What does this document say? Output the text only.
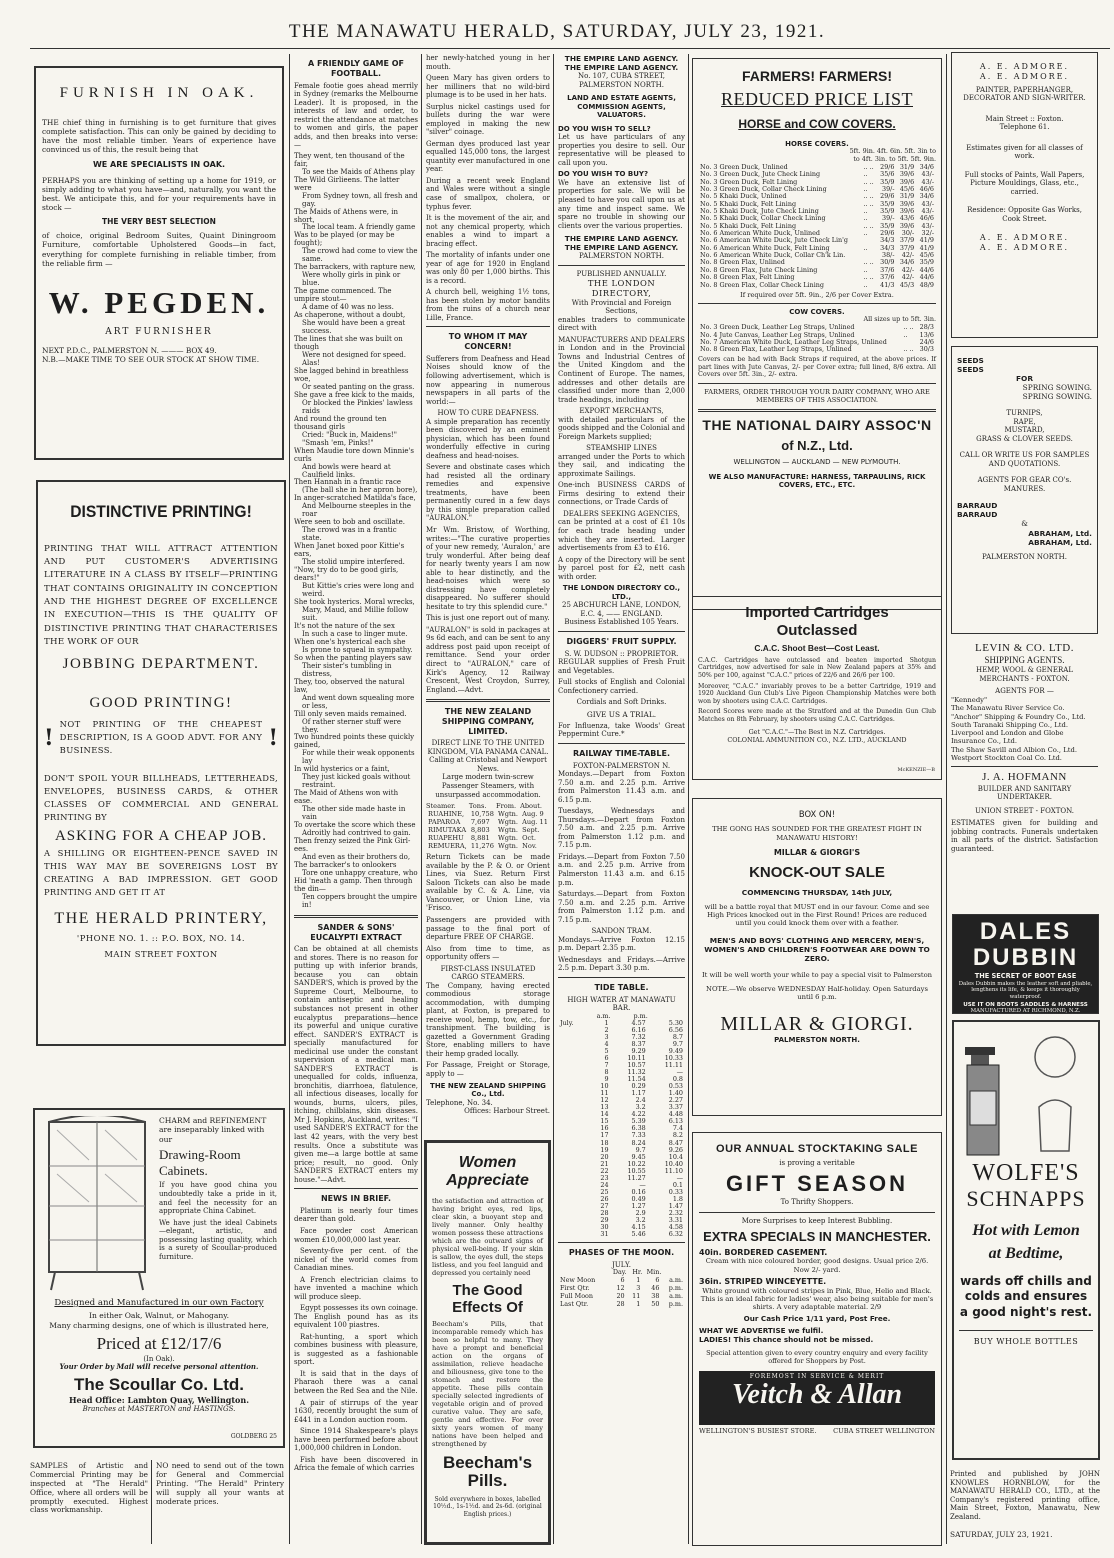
THE MANAWATU HERALD, SATURDAY, JULY 23, 1921.
FURNISH IN OAK.

THE chief thing in furnishing is to get furniture that gives complete satisfaction. This can only be gained by deciding to have the most reliable timber. Years of experience have convinced us of this, the result being that

WE ARE SPECIALISTS IN OAK.

PERHAPS you are thinking of setting up a home for 1919, or simply adding to what you have—and, naturally, you want the best. We anticipate this, and for your requirements have in stock —

THE VERY BEST SELECTION

of choice, original Bedroom Suites, Quaint Diningroom Furniture, comfortable Upholstered Goods—in fact, everything for complete furnishing in reliable timber, from the reliable firm —

W. PEGDEN.
ART FURNISHER
NEXT P.D.C., PALMERSTON N. ——— BOX 49.
N.B.—MAKE TIME TO SEE OUR STOCK AT SHOW TIME.
DISTINCTIVE PRINTING!

PRINTING THAT WILL ATTRACT ATTENTION AND PUT CUSTOMER'S ADVERTISING LITERATURE IN A CLASS BY ITSELF—PRINTING THAT CONTAINS ORIGINALITY IN CONCEPTION AND THE HIGHEST DEGREE OF EXCELLENCE IN EXECUTION—THIS IS THE QUALITY OF DISTINCTIVE PRINTING THAT CHARACTERISES THE WORK OF OUR

JOBBING DEPARTMENT.
GOOD PRINTING!
!

NOT PRINTING OF THE CHEAPEST DESCRIPTION, IS A GOOD ADVT. FOR ANY BUSINESS.	!

DON'T SPOIL YOUR BILLHEADS, LETTERHEADS, ENVELOPES, BUSINESS CARDS, & OTHER CLASSES OF COMMERCIAL AND GENERAL PRINTING BY

ASKING FOR A CHEAP JOB.

A SHILLING OR EIGHTEEN-PENCE SAVED IN THIS WAY MAY BE SOVEREIGNS LOST BY CREATING A BAD IMPRESSION. GET GOOD PRINTING AND GET IT AT

THE HERALD PRINTERY,
'PHONE NO. 1. :: P.O. BOX, NO. 14.
MAIN STREET FOXTON
CHARM and REFINEMENT are inseparably linked with our
Drawing-Room Cabinets.

If you have good china you undoubtedly take a pride in it, and feel the necessity for an appropriate China Cabinet.

We have just the ideal Cabinets—elegant, artistic, and possessing lasting quality, which is a surety of Scoullar-produced furniture.

Designed and Manufactured in our own Factory
In either Oak, Walnut, or Mahogany.
Many charming designs, one of which is illustrated here,
Priced at £12/17/6
(In Oak).
Your Order by Mail will receive personal attention.
The Scoullar Co. Ltd.
Head Office: Lambton Quay, Wellington.
Branches at MASTERTON and HASTINGS.
GOLDBERG 25
SAMPLES of Artistic and Commercial Printing may be inspected at "The Herald" Office, where all orders will be promptly executed. Highest class workmanship.
NO need to send out of the town for General and Commercial Printing. "The Herald" Printery will supply all your wants at moderate prices.
A FRIENDLY GAME OF FOOTBALL.

Female footie goes ahead merrily in Sydney (remarks the Melbourne Leader). It is proposed, in the interests of law and order, to restrict the attendance at matches to women and girls, the paper adds, and then breaks into verse:—

They went, ten thousand of the fair,
To see the Maids of Athens play
The Wild Girlieens. The latter were
From Sydney town, all fresh and gay.
The Maids of Athens were, in short,
The local team. A friendly game
Was to be played (or may be fought);
The crowd had come to view the same.
The barrackers, with rapture new,
Were wholly girls in pink or blue.
The game commenced. The umpire stout—
A dame of 40 was no less.
As chaperone, without a doubt,
She would have been a great success.
The lines that she was built on though
Were not designed for speed. Alas!
She lagged behind in breathless woe,
Or seated panting on the grass.
She gave a free kick to the maids,
Or blocked the Pinkies' lawless raids
And round the ground ten thousand girls
Cried: "Buck in, Maidens!" "Smash 'em, Pinks!"
When Maudie tore down Minnie's curls
And bowls were heard at Caulfield links.
Then Hannah in a frantic race
(The ball she in her apron bore),
In anger-scratched Matilda's face,
And Melbourne steeples in the roar
Were seen to bob and oscillate.
The crowd was in a frantic state.
When Janet boxed poor Kittie's ears,
The stolid umpire interfered.
"Now, try do to be good girls, dears!"
But Kittie's cries were long and weird.
She took hysterics. Moral wrecks,
Mary, Maud, and Millie follow suit.
It's not the nature of the sex
In such a case to linger mute.
When one's hysterical each she
Is prone to squeal in sympathy.
So when the panting players saw
Their sister's tumbling in distress,
They, too, observed the natural law,
And went down squealing more or less,
Till only seven maids remained.
Of rather sterner stuff were they.
Two hundred points these quickly gained,
For while their weak opponents lay
In wild hysterics or a faint,
They just kicked goals without restraint.
The Maid of Athens won with ease.
The other side made haste in vain
To overtake the score which these
Adroitly had contrived to gain.
Then frenzy seized the Pink Girl-ees.
And even as their brothers do,
The barracker's to onlookers
Tore one unhappy creature, who
Hid 'neath a gamp. Then through the din—
Ten coppers brought the umpire in!
SANDER & SONS' EUCALYPTI EXTRACT

Can be obtained at all chemists and stores. There is no reason for putting up with inferior brands, because you can obtain SANDER'S, which is proved by the Supreme Court, Melbourne, to contain antiseptic and healing substances not present in other eucalyptus preparations—hence its powerful and unique curative effect. SANDER'S EXTRACT is specially manufactured for medicinal use under the constant supervision of a medical man. SANDER'S EXTRACT is unequalled for colds, influenza, bronchitis, diarrhoea, flatulence, all infectious diseases, locally for wounds, burns, ulcers, piles, itching, chilblains, skin diseases. Mr J. Hopkins, Auckland, writes: "I used SANDER'S EXTRACT for the last 42 years, with the very best results. Once a substitute was given me—a large bottle at same price; result, no good. Only SANDER'S EXTRACT enters my house."—Advt.

NEWS IN BRIEF.

Platinum is nearly four times dearer than gold.

Face powder cost American women £10,000,000 last year.

Seventy-five per cent. of the nickel of the world comes from Canadian mines.

A French electrician claims to have invented a machine which will produce sleep.

Egypt possesses its own coinage. The English pound has as its equivalent 100 piastres.

Rat-hunting, a sport which combines business with pleasure, is suggested as a fashionable sport.

It is said that in the days of Pharaoh there was a canal between the Red Sea and the Nile.

A pair of stirrups of the year 1630, recently brought the sum of £441 in a London auction room.

Since 1914 Shakespeare's plays have been performed before about 1,000,000 children in London.

Fish have been discovered in Africa the female of which carries

her newly-hatched young in her mouth.

Queen Mary has given orders to her milliners that no wild-bird plumage is to be used in her hats.

Surplus nickel castings used for bullets during the war were employed in making the new "silver" coinage.

German dyes produced last year equalled 145,000 tons, the largest quantity ever manufactured in one year.

During a recent week England and Wales were without a single case of smallpox, cholera, or typhus fever.

It is the movement of the air, and not any chemical property, which enables a wind to impart a bracing effect.

The mortality of infants under one year of age for 1920 in England was only 80 per 1,000 births. This is a record.

A church bell, weighing 1½ tons, has been stolen by motor bandits from the ruins of a church near Lille, France.

TO WHOM IT MAY CONCERN!

Sufferers from Deafness and Head Noises should know of the following advertisement, which is now appearing in numerous newspapers in all parts of the world:—

HOW TO CURE DEAFNESS.

A simple preparation has recently been discovered by an eminent physician, which has been found wonderfully effective in curing deafness and head-noises.

Severe and obstinate cases which had resisted all the ordinary remedies and expensive treatments, have been permanently cured in a few days by this simple preparation called "AURALON."

Mr Wm. Bristow, of Worthing, writes:—"The curative properties of your new remedy, 'Auralon,' are truly wonderful. After being deaf for nearly twenty years I am now able to hear distinctly, and the head-noises which were so distressing have completely disappeared. No sufferer should hesitate to try this splendid cure."

This is just one report out of many.

"AURALON" is sold in packages at 9s 6d each, and can be sent to any address post paid upon receipt of remittance. Send your order direct to "AURALON," care of Kirk's Agency, 12 Railway Crescent, West Croydon, Surrey, England.—Advt.

THE NEW ZEALAND SHIPPING COMPANY, LIMITED.
DIRECT LINE TO THE UNITED KINGDOM, VIA PANAMA CANAL.
Calling at Cristobal and Newport News.
Large modern twin-screw Passenger Steamers, with unsurpassed accommodation.
Steamer.	Tons.	From.	About.
RUAHINE,	10,758	Wgtn.	Aug. 9
PAPAROA	7,697	Wgtn.	Aug. 11
RIMUTAKA	8,803	Wgtn.	Sept.
RUAPEHU	8,881	Wgtn.	Oct.
REMUERA,	11,276	Wgtn.	Nov.

Return Tickets can be made available by the P. & O. or Orient Lines, via Suez. Return First Saloon Tickets can also be made available by C. & A. Line, via Vancouver, or Union Line, via 'Frisco.

Passengers are provided with passage to the final port of departure FREE OF CHARGE.

Also from time to time, as opportunity offers —

FIRST-CLASS INSULATED CARGO STEAMERS.

The Company, having erected commodious storage accommodation, with dumping plant, at Foxton, is prepared to receive wool, hemp, tow, etc., for transhipment. The building is gazetted a Government Grading Store, enabling millers to have their hemp graded locally.

For Passage, Freight or Storage, apply to —

THE NEW ZEALAND SHIPPING Co., Ltd.
Telephone, No. 34.
Offices: Harbour Street.
Women Appreciate

the satisfaction and attraction of having bright eyes, red lips, clear skin, a buoyant step and lively manner. Only healthy women possess these attractions which are the outward signs of physical well-being. If your skin is sallow, the eyes dull, the steps listless, and you feel languid and depressed you certainly need

The Good Effects Of

Beecham's Pills, that incomparable remedy which has been so helpful to many. They have a prompt and beneficial action on the organs of assimilation, relieve headache and biliousness, give tone to the stomach and restore the appetite. These pills contain specially selected ingredients of vegetable origin and of proved curative value. They are safe, gentle and effective. For over sixty years women of many nations have been helped and strengthened by

Beecham's Pills.
Sold everywhere in boxes, labelled 10½d., 1s-1½d. and 2s-6d. (original English prices.)
THE EMPIRE LAND AGENCY.
THE EMPIRE LAND AGENCY.
No. 107, CUBA STREET, PALMERSTON NORTH.
LAND AND ESTATE AGENTS, COMMISSION AGENTS, VALUATORS.
DO YOU WISH TO SELL?

Let us have particulars of any properties you desire to sell. Our representative will be pleased to call upon you.

DO YOU WISH TO BUY?

We have an extensive list of properties for sale. We will be pleased to have you call upon us at any time and inspect same. We spare no trouble in showing our clients over the various properties.

THE EMPIRE LAND AGENCY.
THE EMPIRE LAND AGENCY.
PALMERSTON NORTH.
PUBLISHED ANNUALLY.
THE LONDON DIRECTORY,
With Provincial and Foreign Sections,

enables traders to communicate direct with

MANUFACTURERS AND DEALERS

in London and in the Provincial Towns and Industrial Centres of the United Kingdom and the Continent of Europe. The names, addresses and other details are classified under more than 2,000 trade headings, including

EXPORT MERCHANTS,

with detailed particulars of the goods shipped and the Colonial and Foreign Markets supplied;

STEAMSHIP LINES

arranged under the Ports to which they sail, and indicating the approximate Sailings.

One-inch BUSINESS CARDS of Firms desiring to extend their connections, or Trade Cards of

DEALERS SEEKING AGENCIES,

can be printed at a cost of £1 10s for each trade heading under which they are inserted. Larger advertisements from £3 to £16.

A copy of the Directory will be sent by parcel post for £2, nett cash with order.

THE LONDON DIRECTORY CO., LTD.,
25 ABCHURCH LANE, LONDON, E.C. 4, —— ENGLAND.
Business Established 105 Years.
DIGGERS' FRUIT SUPPLY.
S. W. DUDSON :: PROPRIETOR.

REGULAR supplies of Fresh Fruit and Vegetables.

Full stocks of English and Colonial Confectionery carried.

Cordials and Soft Drinks.
GIVE US A TRIAL.

For Influenza, take Woods' Great Peppermint Cure.*

RAILWAY TIME-TABLE.
FOXTON-PALMERSTON N.

Mondays.—Depart from Foxton 7.50 a.m. and 2.25 p.m. Arrive from Palmerston 11.43 a.m. and 6.15 p.m.

Tuesdays, Wednesdays and Thursdays.—Depart from Foxton 7.50 a.m. and 2.25 p.m. Arrive from Palmerston 1.12 p.m. and 7.15 p.m.

Fridays.—Depart from Foxton 7.50 a.m. and 2.25 p.m. Arrive from Palmerston 11.43 a.m. and 6.15 p.m.

Saturdays.—Depart from Foxton 7.50 a.m. and 2.25 p.m. Arrive from Palmerston 1.12 p.m. and 7.15 p.m.

SANDON TRAM.

Mondays.—Arrive Foxton 12.15 p.m. Depart 2.35 p.m.

Wednesdays and Fridays.—Arrive 2.5 p.m. Depart 3.30 p.m.

TIDE TABLE.
HIGH WATER AT MANAWATU BAR.
	a.m.	p.m.	
July.	1	4.57	5.30
	2	6.16	6.56
	3	7.32	8.7
	4	8.37	9.7
	5	9.29	9.49
	6	10.11	10.33
	7	10.57	11.11
	8	11.32	—
	9	11.54	0.8
	10	0.29	0.53
	11	1.17	1.40
	12	2.4	2.27
	13	3.2	3.37
	14	4.22	4.48
	15	5.39	6.13
	16	6.38	7.4
	17	7.33	8.2
	18	8.24	8.47
	19	9.7	9.26
	20	9.45	10.4
	21	10.22	10.40
	22	10.55	11.10
	23	11.27	—
	24	—	0.1
	25	0.16	0.33
	26	0.49	1.8
	27	1.27	1.47
	28	2.9	2.32
	29	3.2	3.31
	30	4.15	4.58
	31	5.46	6.32
PHASES OF THE MOON.
JULY.
	Day.	Hr.	Min.	
New Moon	6	1	6	a.m.
First Qtr.	12	3	46	p.m.
Full Moon	20	11	38	a.m.
Last Qtr.	28	1	50	p.m.
FARMERS! FARMERS!
REDUCED PRICE LIST
HORSE and COW COVERS.
HORSE COVERS.
5ft. 9in. 4ft. 6in. 5ft. 3in to
to 4ft. 3in. to 5ft. 5ft. 9in.
No. 3 Green Duck, Unlined	.. ..	29/6	31/9	34/6
No. 3 Green Duck, Jute Check Lining	..	35/6	39/6	43/-
No. 3 Green Duck, Felt Lining	.. ..	35/9	39/6	43/-
No. 3 Green Duck, Collar Check Lining	..	39/-	45/6	46/6
No. 5 Khaki Duck, Unlined	.. ..	29/6	31/9	34/6
No. 5 Khaki Duck, Felt Lining	.. ..	35/9	39/6	43/-
No. 5 Khaki Duck, Jute Check Lining	..	35/9	39/6	43/-
No. 5 Khaki Duck, Collar Check Lining	..	39/-	43/6	46/6
No. 5 Khaki Duck, Felt Lining	.. ..	35/9	39/6	43/-
No. 6 American White Duck, Unlined	..	29/6	30/-	32/-
No. 6 American White Duck, Jute Check Lin'g		34/3	37/9	41/9
No. 6 American White Duck, Felt Lining	..	34/3	37/9	41/9
No. 6 American White Duck, Collar Ch'k Lin.		38/-	42/-	45/6
No. 8 Green Flax, Unlined	.. ..	30/9	34/6	35/9
No. 8 Green Flax, Jute Check Lining	..	37/6	42/-	44/6
No. 8 Green Flax, Felt Lining	.. ..	37/6	42/-	44/6
No. 8 Green Flax, Collar Check Lining	..	41/3	45/3	48/9
If required over 5ft. 9in., 2/6 per Cover Extra.
COW COVERS.
All sizes up to 5ft. 3in.
No. 3 Green Duck, Leather Leg Straps, Unlined	.. ..	28/3
No. 4 Jute Canvas, Leather Leg Straps, Unlined	..	13/6
No. 7 American White Duck, Leather Leg Straps, Unlined		24/6
No. 8 Green Flax, Leather Leg Straps, Unlined	.. ..	30/3

Covers can be had with Back Straps if required, at the above prices. If part lines with Jute Canvas, 2/- per Cover extra; full lined, 8/6 extra. All Covers over 5ft. 3in., 2/- extra.

FARMERS, ORDER THROUGH YOUR DAIRY COMPANY, WHO ARE MEMBERS OF THIS ASSOCIATION.
THE NATIONAL DAIRY ASSOC'N
of N.Z., Ltd.
WELLINGTON — AUCKLAND — NEW PLYMOUTH.
WE ALSO MANUFACTURE: HARNESS, TARPAULINS, RICK COVERS, ETC., ETC.
Imported Cartridges
Outclassed
C.A.C. Shoot Best—Cost Least.

C.A.C. Cartridges have outclassed and beaten imported Shotgun Cartridges, now advertised for sale in New Zealand papers at 35% and 50% per 100, against "C.A.C." prices of 22/6 and 26/6 per 100.

Moreover, "C.A.C." invariably proves to be a better Cartridge, 1919 and 1920 Auckland Gun Club's Live Pigeon Championship Matches were both won by shooters using C.A.C. Cartridges.

Record Scores were made at the Stratford and at the Dunedin Gun Club Matches on 8th February, by shooters using C.A.C. Cartridges.

Get "C.A.C."—The Best in N.Z. Cartridges.
COLONIAL AMMUNITION CO., N.Z. LTD., AUCKLAND
McKENZIE—B
BOX ON!
THE GONG HAS SOUNDED FOR THE GREATEST FIGHT IN MANAWATU HISTORY!
MILLAR & GIORGI'S
KNOCK-OUT SALE
COMMENCING THURSDAY, 14th JULY,

will be a battle royal that MUST end in our favour. Come and see High Prices knocked out in the First Round! Prices are reduced until you could knock them over with a feather.

MEN'S AND BOYS' CLOTHING AND MERCERY, MEN'S, WOMEN'S AND CHILDREN'S FOOTWEAR ARE DOWN TO ZERO.
It will be well worth your while to pay a special visit to Palmerston
NOTE.—We observe WEDNESDAY Half-holiday. Open Saturdays until 6 p.m.
MILLAR & GIORGI.
PALMERSTON NORTH.
OUR ANNUAL STOCKTAKING SALE
is proving a veritable
GIFT SEASON
To Thrifty Shoppers.
More Surprises to keep Interest Bubbling.
EXTRA SPECIALS IN MANCHESTER.
40in. BORDERED CASEMENT.

Cream with nice coloured border, good designs. Usual price 2/6. Now 2/- yard.

36in. STRIPED WINCEYETTE.

White ground with coloured stripes in Pink, Blue, Helio and Black. This is an ideal fabric for ladies' wear, also being suitable for men's shirts. A very adaptable material. 2/9

Our Cash Price 1/11 yard, Post Free.
WHAT WE ADVERTISE we fulfil.
LADIES! This chance should not be missed.
Special attention given to every country enquiry and every facility offered for Shoppers by Post.
FOREMOST IN SERVICE & MERIT
Veitch & Allan
WELLINGTON'S BUSIEST STORE.	CUBA STREET WELLINGTON
A. E. ADMORE.
A. E. ADMORE.
PAINTER, PAPERHANGER, DECORATOR AND SIGN-WRITER.
Main Street :: Foxton.
Telephone 61.
Estimates given for all classes of work.
Full stocks of Paints, Wall Papers, Picture Mouldings, Glass, etc., carried.
Residence: Opposite Gas Works, Cook Street.
A. E. ADMORE.
A. E. ADMORE.
SEEDS
SEEDS
FOR
SPRING SOWING.
SPRING SOWING.
TURNIPS,
RAPE,
MUSTARD,
GRASS & CLOVER SEEDS.
CALL OR WRITE US FOR SAMPLES AND QUOTATIONS.
AGENTS FOR GEAR CO's. MANURES.
BARRAUD
BARRAUD
&
ABRAHAM, Ltd.
ABRAHAM, Ltd.
PALMERSTON NORTH.
LEVIN & CO. LTD.
SHIPPING AGENTS.
HEMP, WOOL & GENERAL MERCHANTS - FOXTON.
AGENTS FOR —
"Kennedy"
The Manawatu River Service Co.
"Anchor" Shipping & Foundry Co., Ltd.
South Taranaki Shipping Co., Ltd.
Liverpool and London and Globe Insurance Co., Ltd.
The Shaw Savill and Albion Co., Ltd.
Westport Stockton Coal Co. Ltd.
J. A. HOFMANN
BUILDER AND SANITARY UNDERTAKER.
UNION STREET - FOXTON.

ESTIMATES given for building and jobbing contracts. Funerals undertaken in all parts of the district. Satisfaction guaranteed.

DALES DUBBIN
THE SECRET OF BOOT EASE
Dales Dubbin makes the leather soft and pliable, lengthens its life, & keeps it thoroughly waterproof.
USE IT ON BOOTS SADDLES & HARNESS
MANUFACTURED AT RICHMOND, N.Z.
WOLFE'S
SCHNAPPS
Hot with Lemon
at Bedtime,
wards off chills and colds and ensures a good night's rest.
BUY WHOLE BOTTLES
Printed and published by JOHN KNOWLES HORNBLOW, for the MANAWATU HERALD CO., LTD., at the Company's registered printing office, Main Street, Foxton, Manawatu, New Zealand.
SATURDAY, JULY 23, 1921.
